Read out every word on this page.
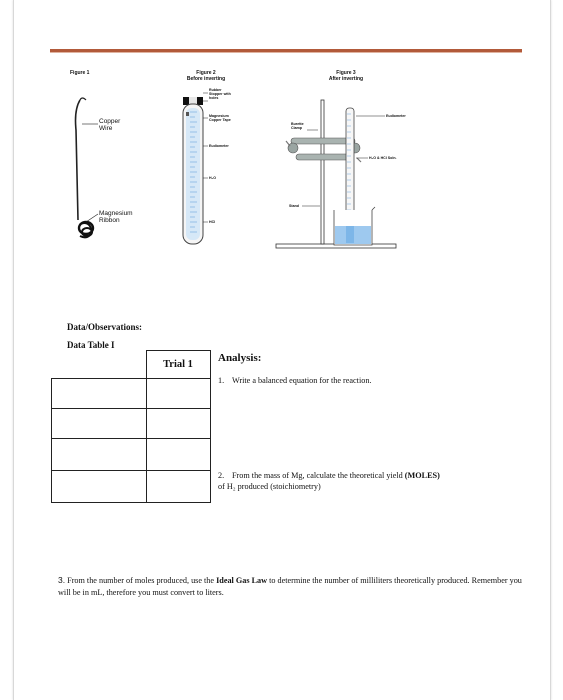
Figure 1	Figure 2
Before inverting
Figure 3
After inverting
Copper
Wire
Magnesium
Ribbon
Rubber
Stopper with
holes
Magnesium
Copper Tape
Eudiometer
H₂O
HCl
Burette
Clamp
Stand
Eudiometer
H₂O & HCl Soln.
Data/Observations:
Data Table I
	Trial 1

Analysis:
1. Write a balanced equation for the reaction.
2. From the mass of Mg, calculate the theoretical yield (MOLES)
of H₂ produced (stoichiometry)
3. From the number of moles produced, use the Ideal Gas Law to determine the number of milliliters theoretically produced. Remember you will be in mL, therefore you must convert to liters.
